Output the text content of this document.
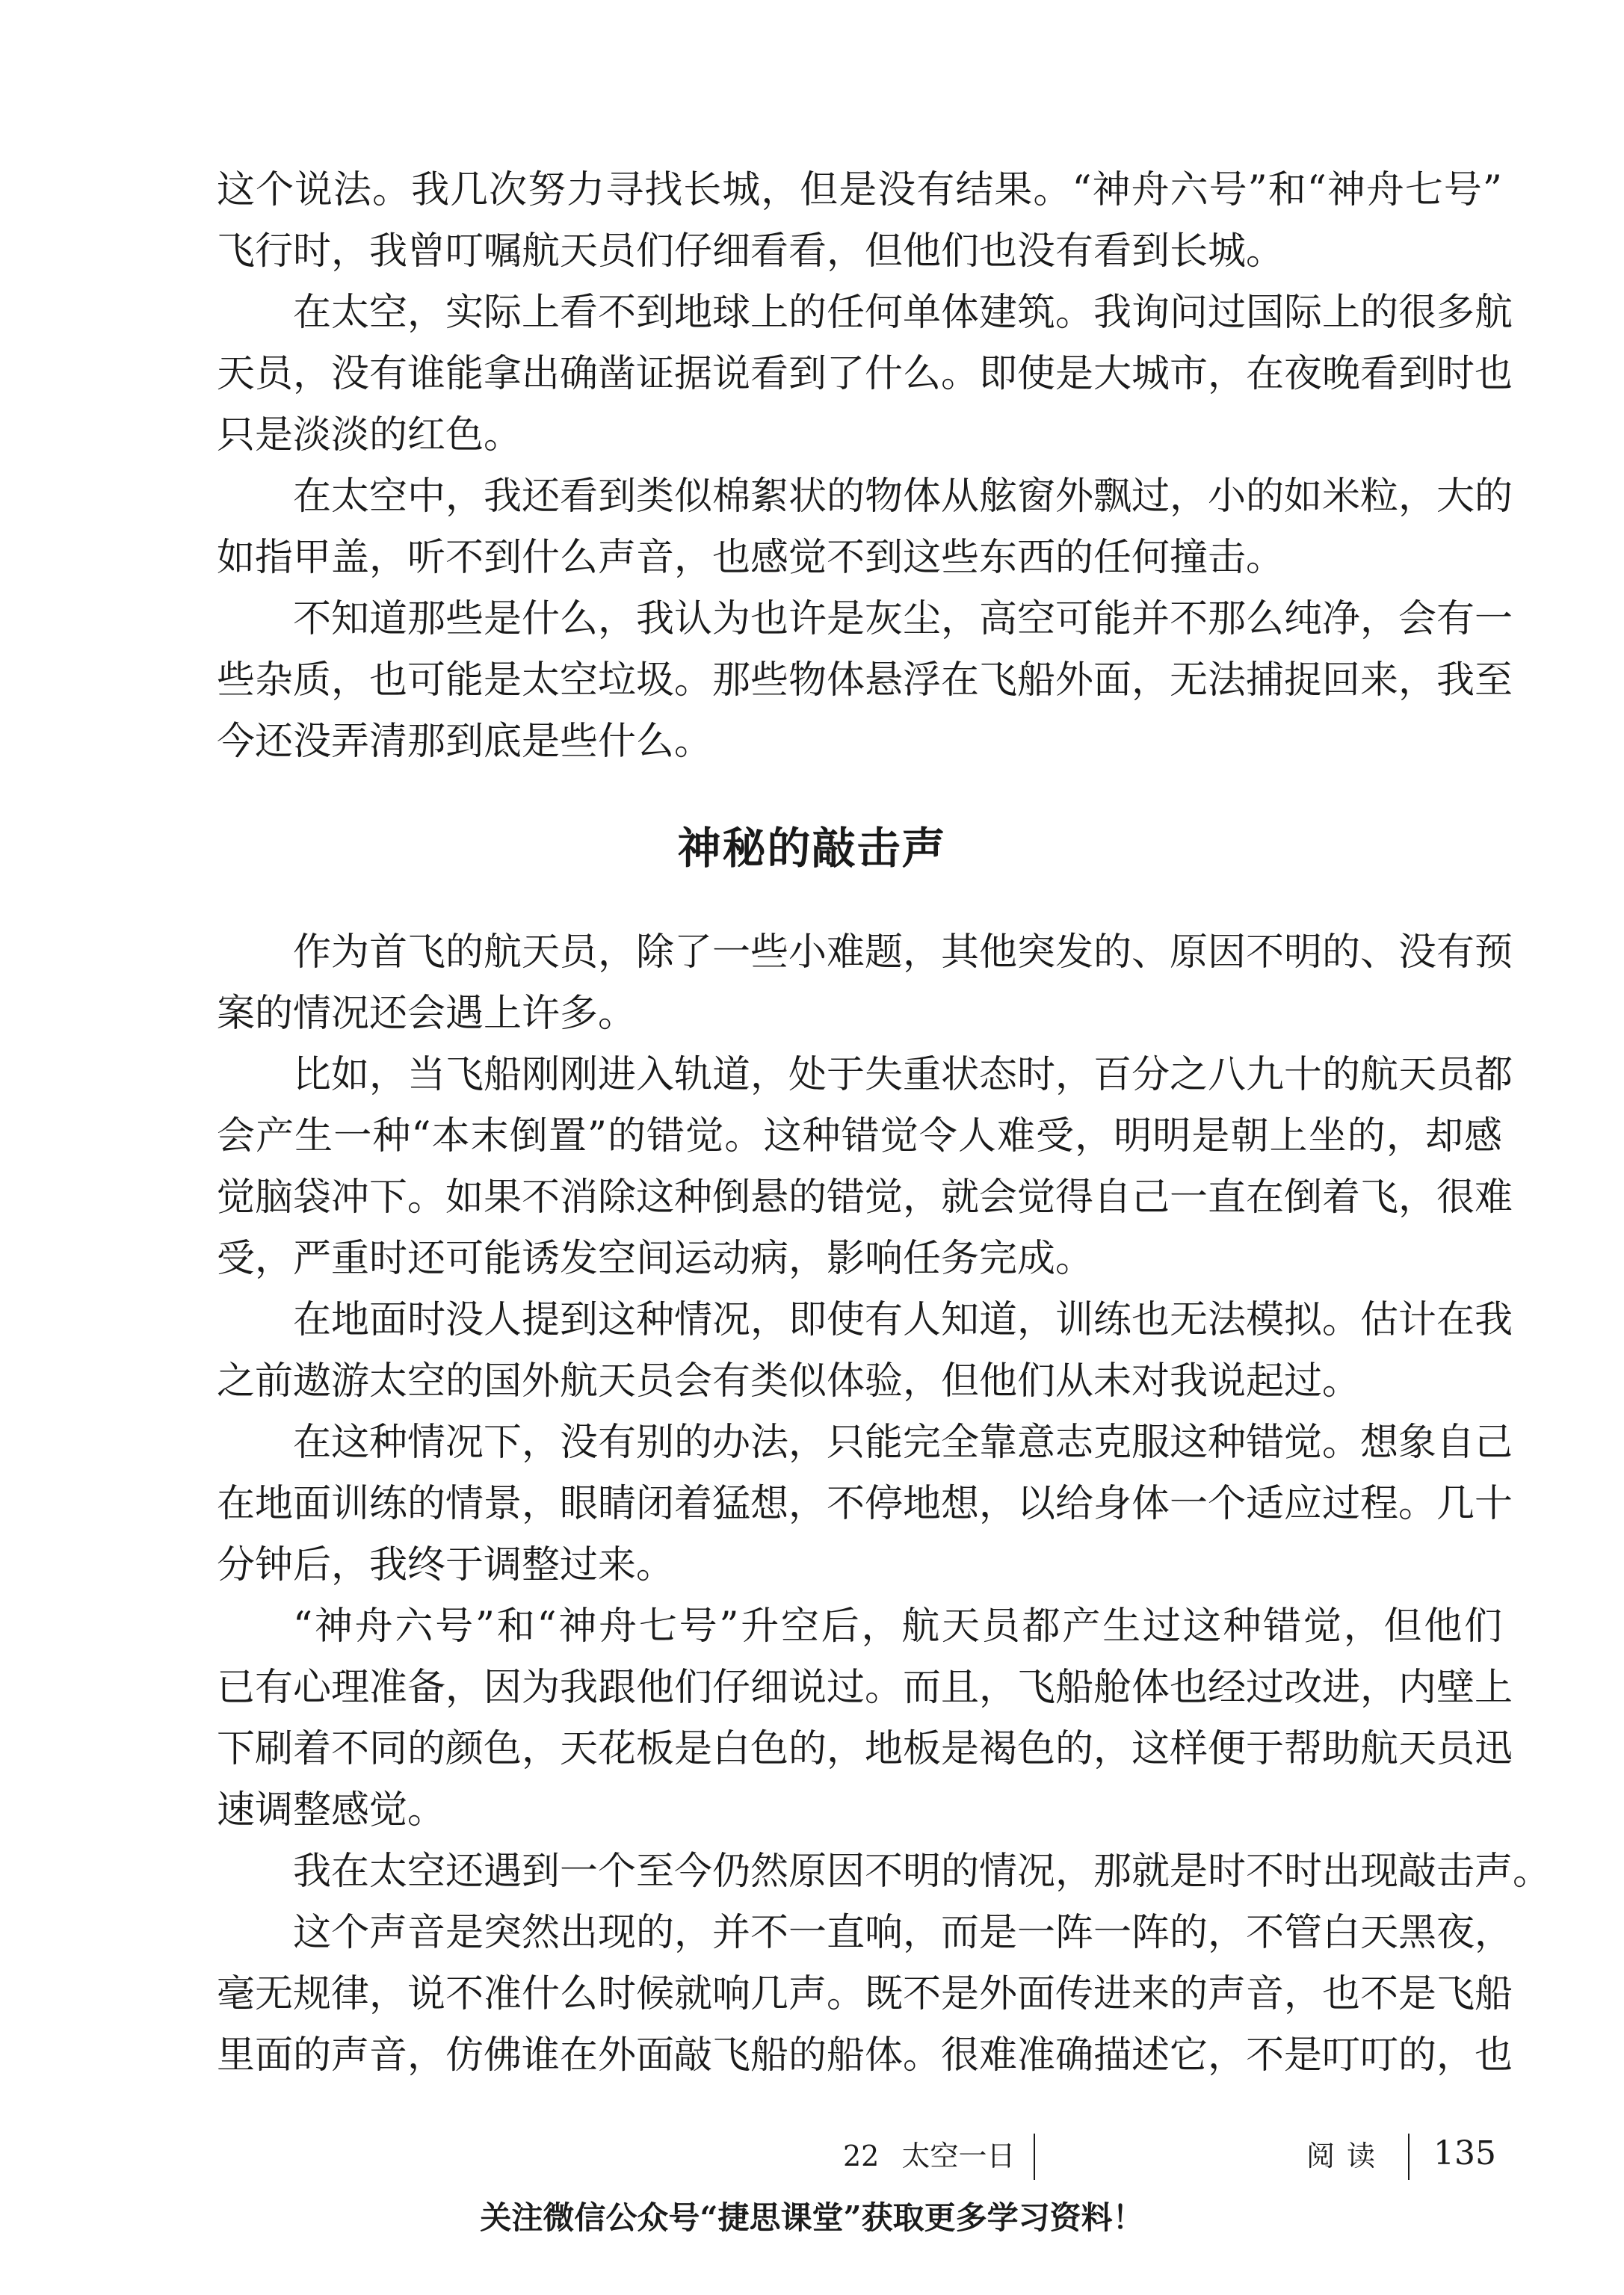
这个说法。我几次努力寻找长城，但是没有结果。“神舟六号”和“神舟七号”
飞行时，我曾叮嘱航天员们仔细看看，但他们也没有看到长城。
在太空，实际上看不到地球上的任何单体建筑。我询问过国际上的很多航
天员，没有谁能拿出确凿证据说看到了什么。即使是大城市，在夜晚看到时也
只是淡淡的红色。
在太空中，我还看到类似棉絮状的物体从舷窗外飘过，小的如米粒，大的
如指甲盖，听不到什么声音，也感觉不到这些东西的任何撞击。
不知道那些是什么，我认为也许是灰尘，高空可能并不那么纯净，会有一
些杂质，也可能是太空垃圾。那些物体悬浮在飞船外面，无法捕捉回来，我至
今还没弄清那到底是些什么。
神秘的敲击声
作为首飞的航天员，除了一些小难题，其他突发的、原因不明的、没有预
案的情况还会遇上许多。
比如，当飞船刚刚进入轨道，处于失重状态时，百分之八九十的航天员都
会产生一种“本末倒置”的错觉。这种错觉令人难受，明明是朝上坐的，却感
觉脑袋冲下。如果不消除这种倒悬的错觉，就会觉得自己一直在倒着飞，很难
受，严重时还可能诱发空间运动病，影响任务完成。
在地面时没人提到这种情况，即使有人知道，训练也无法模拟。估计在我
之前遨游太空的国外航天员会有类似体验，但他们从未对我说起过。
在这种情况下，没有别的办法，只能完全靠意志克服这种错觉。想象自己
在地面训练的情景，眼睛闭着猛想，不停地想，以给身体一个适应过程。几十
分钟后，我终于调整过来。
“神舟六号”和“神舟七号”升空后，航天员都产生过这种错觉，但他们
已有心理准备，因为我跟他们仔细说过。而且，飞船舱体也经过改进，内壁上
下刷着不同的颜色，天花板是白色的，地板是褐色的，这样便于帮助航天员迅
速调整感觉。
我在太空还遇到一个至今仍然原因不明的情况，那就是时不时出现敲击声。
这个声音是突然出现的，并不一直响，而是一阵一阵的，不管白天黑夜，
毫无规律，说不准什么时候就响几声。既不是外面传进来的声音，也不是飞船
里面的声音，仿佛谁在外面敲飞船的船体。很难准确描述它，不是叮叮的，也
22 太空一日	阅读 135
关注微信公众号“捷思课堂”获取更多学习资料！
